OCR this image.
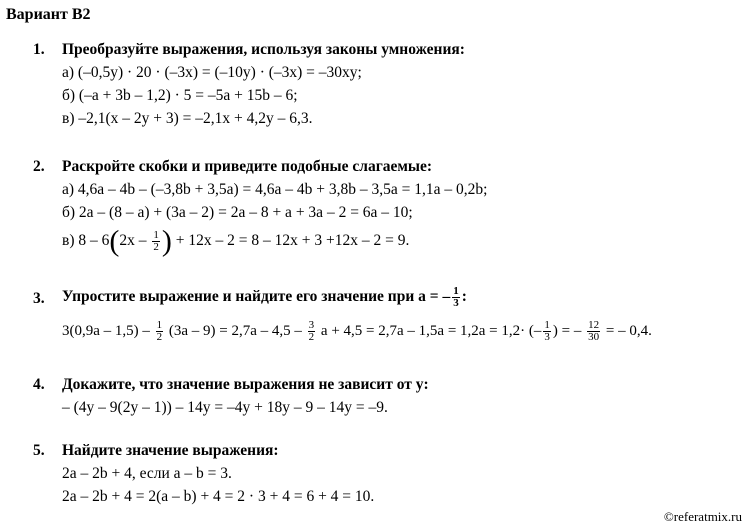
Вариант В2
1. Преобразуйте выражения, используя законы умножения:
а) (–0,5y) · 20 · (–3x) = (–10y) · (–3x) = –30xy;
б) (–a + 3b – 1,2) · 5 = –5a + 15b – 6;
в) –2,1(x – 2y + 3) = –2,1x + 4,2y – 6,3.
2. Раскройте скобки и приведите подобные слагаемые:
а) 4,6a – 4b – (–3,8b + 3,5a) = 4,6a – 4b + 3,8b – 3,5a = 1,1a – 0,2b;
б) 2a – (8 – a) + (3a – 2) = 2a – 8 + a + 3a – 2 = 6a – 10;
в) $8 - 6(2x - \frac{1}{2}$ ) + 12x – 2 = 8 – 12x + 3 +12x – 2 = 9.
3. Упростите выражение и найдите его значение при a = – $\frac{1}{3}$ :
$3(0,9a - 1,5) - \frac{1}{2} (3a - 9) = 2,7a - 4,5 - \frac{3}{2}$ a + 4,5 = 2,7a – 1,5a = 1,2a = 1,2· (– $\frac{1}{3}$ ) = – $\frac{12}{30}$ = – 0,4.
4. Докажите, что значение выражения не зависит от y:
– (4y – 9(2y – 1)) – 14y = –4y + 18y – 9 – 14y = –9.
5. Найдите значение выражения:
2a – 2b + 4, если a – b = 3.
2a – 2b + 4 = 2(a – b) + 4 = 2 · 3 + 4 = 6 + 4 = 10.
©referatmix.ru
